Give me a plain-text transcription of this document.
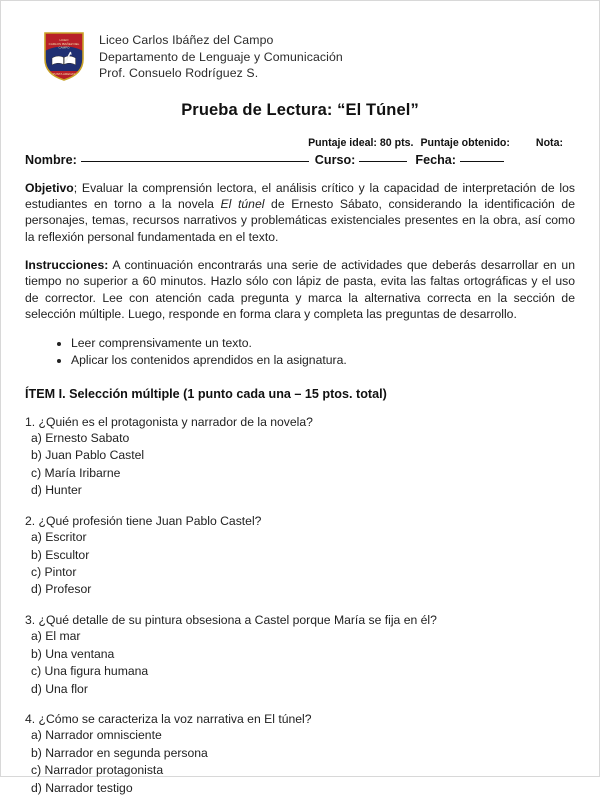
LICEO
CARLOS IBAÑEZ DEL
CAMPO
PUNTA ARENAS
Liceo Carlos Ibáñez del Campo
Departamento de Lenguaje y Comunicación
Prof. Consuelo Rodríguez S.
Prueba de Lectura: “El Túnel”
Puntaje ideal: 80 pts. Puntaje obtenido: Nota:
Nombre:	Curso:	Fecha:

Objetivo; Evaluar la comprensión lectora, el análisis crítico y la capacidad de interpretación de los estudiantes en torno a la novela El túnel de Ernesto Sábato, considerando la identificación de personajes, temas, recursos narrativos y problemáticas existenciales presentes en la obra, así como la reflexión personal fundamentada en el texto.

Instrucciones: A continuación encontrarás una serie de actividades que deberás desarrollar en un tiempo no superior a 60 minutos. Hazlo sólo con lápiz de pasta, evita las faltas ortográficas y el uso de corrector. Lee con atención cada pregunta y marca la alternativa correcta en la sección de selección múltiple. Luego, responde en forma clara y completa las preguntas de desarrollo.

Leer comprensivamente un texto.
Aplicar los contenidos aprendidos en la asignatura.
ÍTEM I. Selección múltiple (1 punto cada una – 15 ptos. total)
1. ¿Quién es el protagonista y narrador de la novela?
a) Ernesto Sabato
b) Juan Pablo Castel
c) María Iribarne
d) Hunter
2. ¿Qué profesión tiene Juan Pablo Castel?
a) Escritor
b) Escultor
c) Pintor
d) Profesor
3. ¿Qué detalle de su pintura obsesiona a Castel porque María se fija en él?
a) El mar
b) Una ventana
c) Una figura humana
d) Una flor
4. ¿Cómo se caracteriza la voz narrativa en El túnel?
a) Narrador omnisciente
b) Narrador en segunda persona
c) Narrador protagonista
d) Narrador testigo
